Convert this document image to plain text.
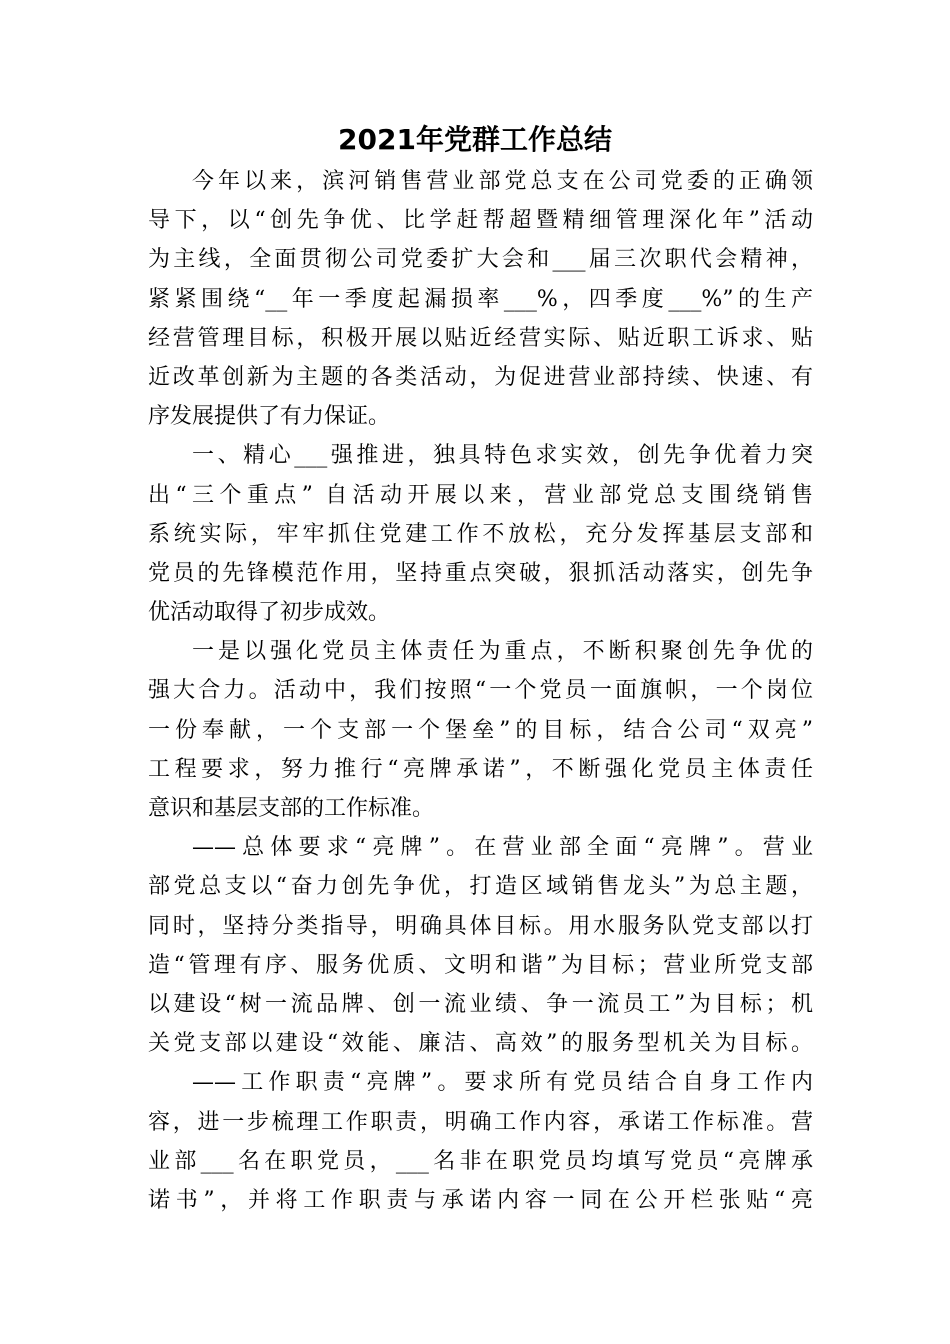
2021年党群工作总结
今年以来，滨河销售营业部党总支在公司党委的正确领
导下，以“创先争优、比学赶帮超暨精细管理深化年”活动
为主线，全面贯彻公司党委扩大会和___届三次职代会精神，
紧紧围绕“__年一季度起漏损率___%，四季度___%”的生产
经营管理目标，积极开展以贴近经营实际、贴近职工诉求、贴
近改革创新为主题的各类活动，为促进营业部持续、快速、有
序发展提供了有力保证。
一、精心___强推进，独具特色求实效，创先争优着力突
出“三个重点” 自活动开展以来，营业部党总支围绕销售
系统实际，牢牢抓住党建工作不放松，充分发挥基层支部和
党员的先锋模范作用，坚持重点突破，狠抓活动落实，创先争
优活动取得了初步成效。
一是以强化党员主体责任为重点，不断积聚创先争优的
强大合力。活动中，我们按照“一个党员一面旗帜，一个岗位
一份奉献，一个支部一个堡垒”的目标，结合公司“双亮”
工程要求，努力推行“亮牌承诺”，不断强化党员主体责任
意识和基层支部的工作标准。
——总体要求“亮牌”。在营业部全面“亮牌”。营业
部党总支以“奋力创先争优，打造区域销售龙头”为总主题，
同时，坚持分类指导，明确具体目标。用水服务队党支部以打
造“管理有序、服务优质、文明和谐”为目标；营业所党支部
以建设“树一流品牌、创一流业绩、争一流员工”为目标；机
关党支部以建设“效能、廉洁、高效”的服务型机关为目标。
——工作职责“亮牌”。要求所有党员结合自身工作内
容，进一步梳理工作职责，明确工作内容，承诺工作标准。营
业部___名在职党员，___名非在职党员均填写党员“亮牌承
诺书”，并将工作职责与承诺内容一同在公开栏张贴“亮
